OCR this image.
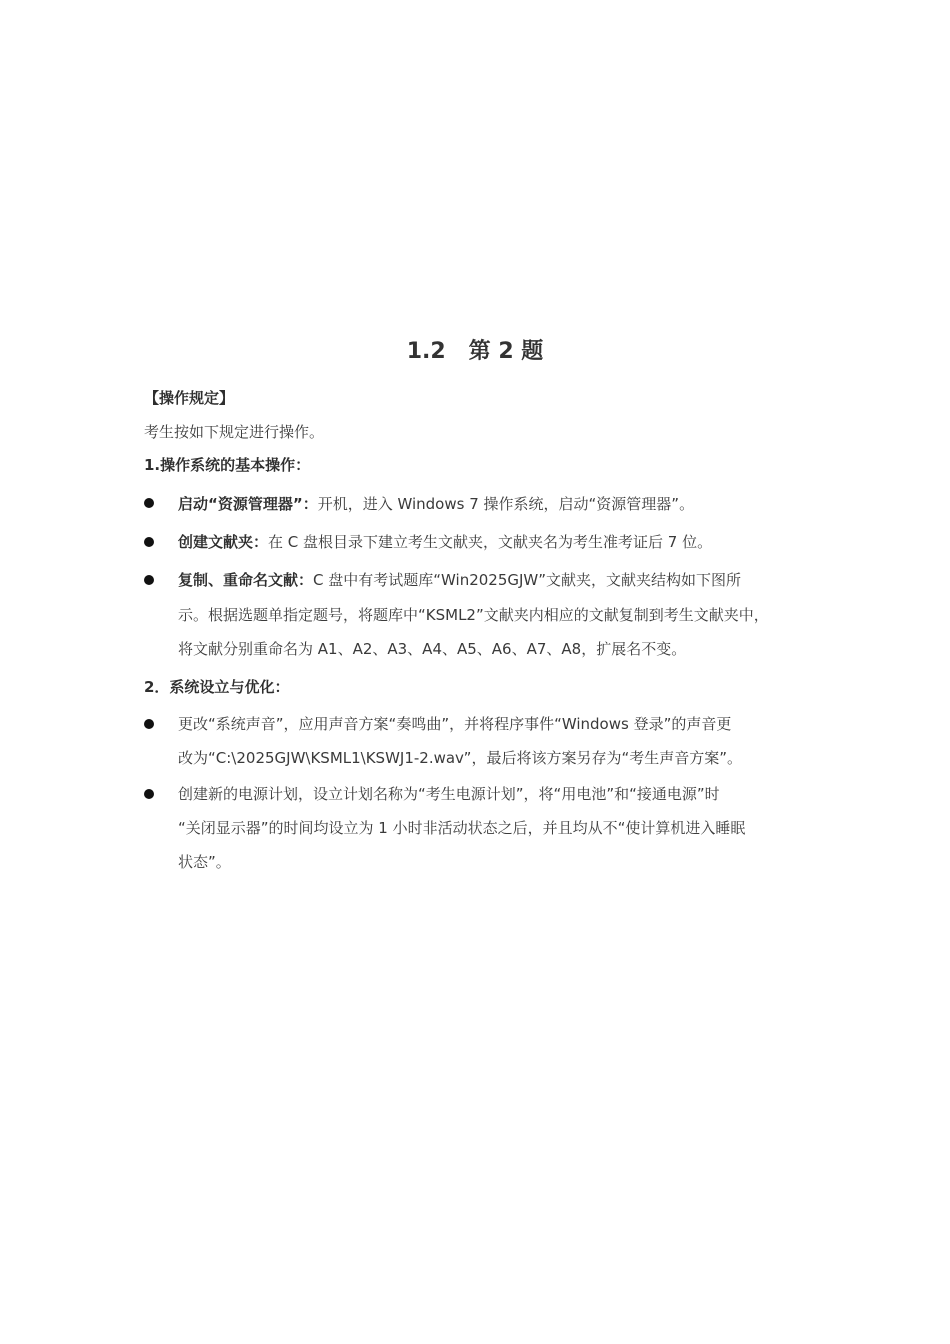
1.2   第 2 题
【操作规定】
考生按如下规定进行操作。
1.操作系统的基本操作：
启动“资源管理器”：开机，进入 Windows 7 操作系统，启动“资源管理器”。
创建文献夹：在 C 盘根目录下建立考生文献夹，文献夹名为考生准考证后 7 位。
复制、重命名文献：C 盘中有考试题库“Win2025GJW”文献夹，文献夹结构如下图所
示。根据选题单指定题号，将题库中“KSML2”文献夹内相应的文献复制到考生文献夹中，
将文献分别重命名为 A1、A2、A3、A4、A5、A6、A7、A8，扩展名不变。
2．系统设立与优化：
更改“系统声音”，应用声音方案“奏鸣曲”，并将程序事件“Windows 登录”的声音更
改为“C:\2025GJW\KSML1\KSWJ1-2.wav”，最后将该方案另存为“考生声音方案”。
创建新的电源计划，设立计划名称为“考生电源计划”，将“用电池”和“接通电源”时
“关闭显示器”的时间均设立为 1 小时非活动状态之后，并且均从不“使计算机进入睡眠
状态”。
